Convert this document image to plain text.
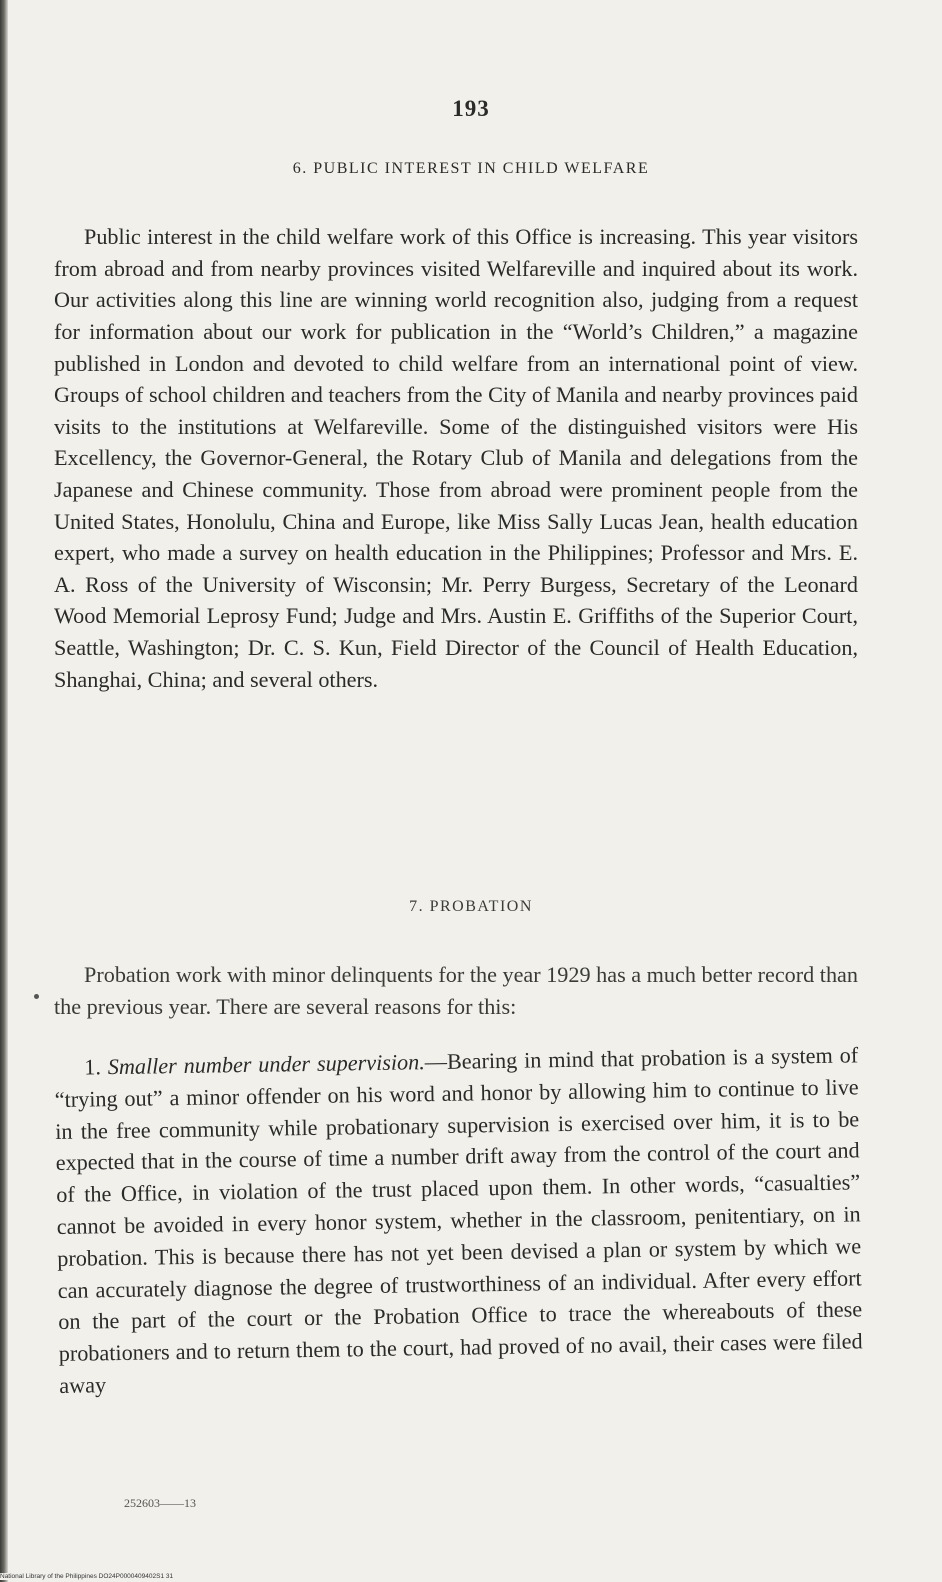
193
6. PUBLIC INTEREST IN CHILD WELFARE

Public interest in the child welfare work of this Office is increasing. This year visitors from abroad and from nearby provinces visited Welfareville and inquired about its work. Our activities along this line are winning world recognition also, judging from a request for information about our work for publication in the “World’s Children,” a magazine published in London and devoted to child welfare from an international point of view. Groups of school children and teachers from the City of Manila and nearby provinces paid visits to the institutions at Welfareville. Some of the distinguished visitors were His Excellency, the Governor-General, the Rotary Club of Manila and delegations from the Japanese and Chinese community. Those from abroad were prominent people from the United States, Honolulu, China and Europe, like Miss Sally Lucas Jean, health education expert, who made a survey on health education in the Philippines; Professor and Mrs. E. A. Ross of the University of Wisconsin; Mr. Perry Burgess, Secretary of the Leonard Wood Memorial Leprosy Fund; Judge and Mrs. Austin E. Griffiths of the Superior Court, Seattle, Washington; Dr. C. S. Kun, Field Director of the Council of Health Education, Shanghai, China; and several others.

7. PROBATION

Probation work with minor delinquents for the year 1929 has a much better record than the previous year. There are several reasons for this:

1. Smaller number under supervision.—Bearing in mind that probation is a system of “trying out” a minor offender on his word and honor by allowing him to continue to live in the free community while probationary supervision is exercised over him, it is to be expected that in the course of time a number drift away from the control of the court and of the Office, in violation of the trust placed upon them. In other words, “casualties” cannot be avoided in every honor system, whether in the classroom, penitentiary, on in probation. This is because there has not yet been devised a plan or system by which we can accurately diagnose the degree of trustworthiness of an individual. After every effort on the part of the court or the Probation Office to trace the whereabouts of these probationers and to return them to the court, had proved of no avail, their cases were filed away

252603——13
National Library of the Philippines DO24P0000409402S1 31
